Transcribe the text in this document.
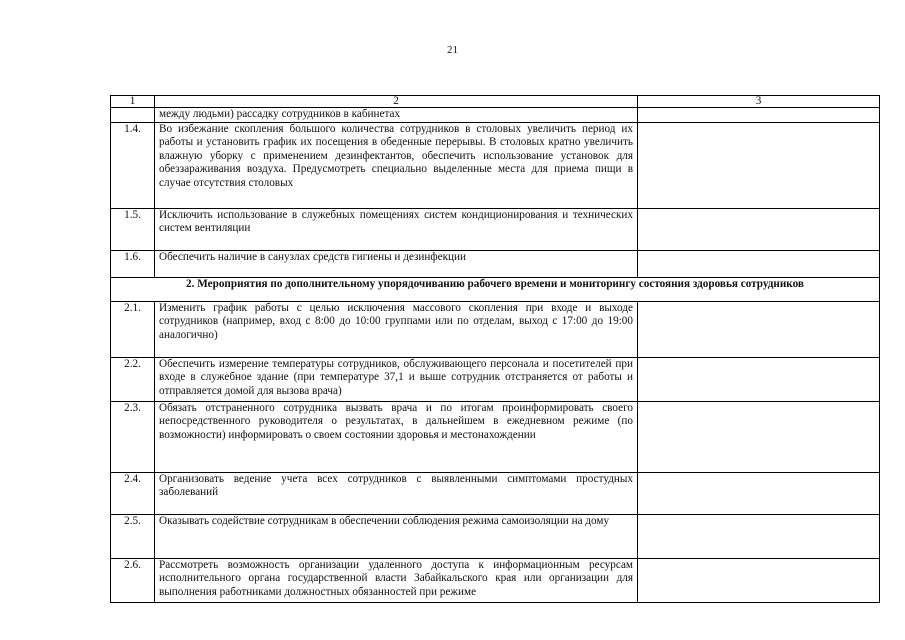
21
1	2	3
	между людьми) рассадку сотрудников в кабинетах	
1.4.	Во избежание скопления большого количества сотрудников в столовых увеличить период их работы и установить график их посещения в обеденные перерывы. В столовых кратно увеличить влажную уборку с применением дезинфектантов, обеспечить использование установок для обеззараживания воздуха. Предусмотреть специально выделенные места для приема пищи в случае отсутствия столовых	
1.5.	Исключить использование в служебных помещениях систем кондиционирования и технических систем вентиляции	
1.6.	Обеспечить наличие в санузлах средств гигиены и дезинфекции	
2. Мероприятия по дополнительному упорядочиванию рабочего времени и мониторингу состояния здоровья сотрудников		
2.1.	Изменить график работы с целью исключения массового скопления при входе и выходе сотрудников (например, вход с 8:00 до 10:00 группами или по отделам, выход с 17:00 до 19:00 аналогично)	
2.2.	Обеспечить измерение температуры сотрудников, обслуживающего персонала и посетителей при входе в служебное здание (при температуре 37,1 и выше сотрудник отстраняется от работы и отправляется домой для вызова врача)	
2.3.	Обязать отстраненного сотрудника вызвать врача и по итогам проинформировать своего непосредственного руководителя о результатах, в дальнейшем в ежедневном режиме (по возможности) информировать о своем состоянии здоровья и местонахождении	
2.4.	Организовать ведение учета всех сотрудников с выявленными симптомами простудных заболеваний	
2.5.	Оказывать содействие сотрудникам в обеспечении соблюдения режима самоизоляции на дому	
2.6.	Рассмотреть возможность организации удаленного доступа к информационным ресурсам исполнительного органа государственной власти Забайкальского края или организации для выполнения работниками должностных обязанностей при режиме	
